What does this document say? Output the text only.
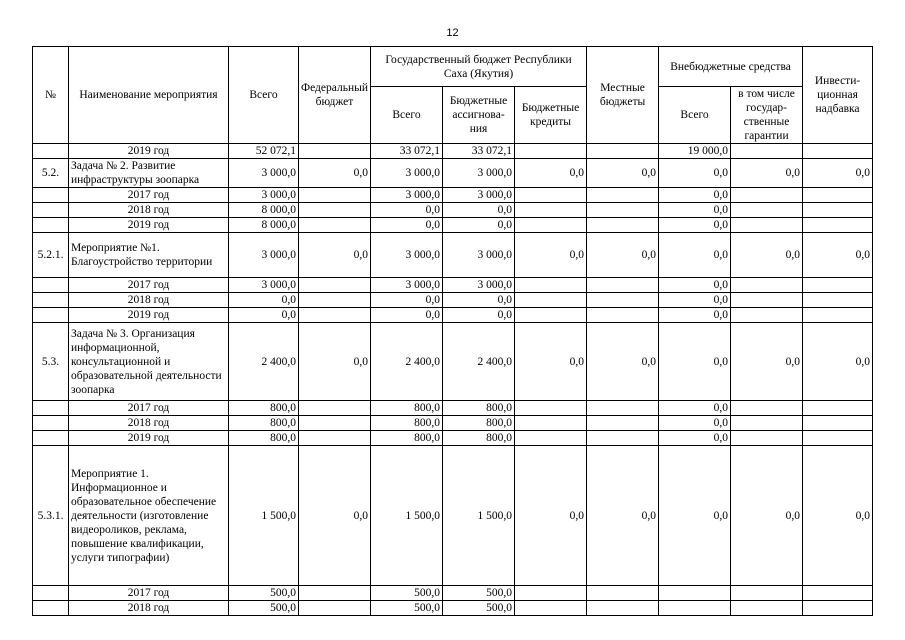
12
№	Наименование мероприятия	Всего	Федеральный бюджет	Государственный бюджет Республики Саха (Якутия)			Местные бюджеты	Внебюджетные средства		Инвести-ционная надбавка
				Всего	Бюджетные ассигнова-ния	Бюджетные кредиты		Всего	в том числе государ-ственные гарантии	
	2019 год	52 072,1		33 072,1	33 072,1			19 000,0		
5.2.	Задача № 2. Развитие инфраструктуры зоопарка	3 000,0	0,0	3 000,0	3 000,0	0,0	0,0	0,0	0,0	0,0
	2017 год	3 000,0		3 000,0	3 000,0			0,0		
	2018 год	8 000,0		0,0	0,0			0,0		
	2019 год	8 000,0		0,0	0,0			0,0		
5.2.1.	Мероприятие №1. Благоустройство территории	3 000,0	0,0	3 000,0	3 000,0	0,0	0,0	0,0	0,0	0,0
	2017 год	3 000,0		3 000,0	3 000,0			0,0		
	2018 год	0,0		0,0	0,0			0,0		
	2019 год	0,0		0,0	0,0			0,0		
5.3.	Задача № 3. Организация информационной, консультационной и образовательной деятельности зоопарка	2 400,0	0,0	2 400,0	2 400,0	0,0	0,0	0,0	0,0	0,0
	2017 год	800,0		800,0	800,0			0,0		
	2018 год	800,0		800,0	800,0			0,0		
	2019 год	800,0		800,0	800,0			0,0		
5.3.1.	Мероприятие 1. Информационное и образовательное обеспечение деятельности (изготовление видеороликов, реклама, повышение квалификации, услуги типографии)	1 500,0	0,0	1 500,0	1 500,0	0,0	0,0	0,0	0,0	0,0
	2017 год	500,0		500,0	500,0					
	2018 год	500,0		500,0	500,0					
